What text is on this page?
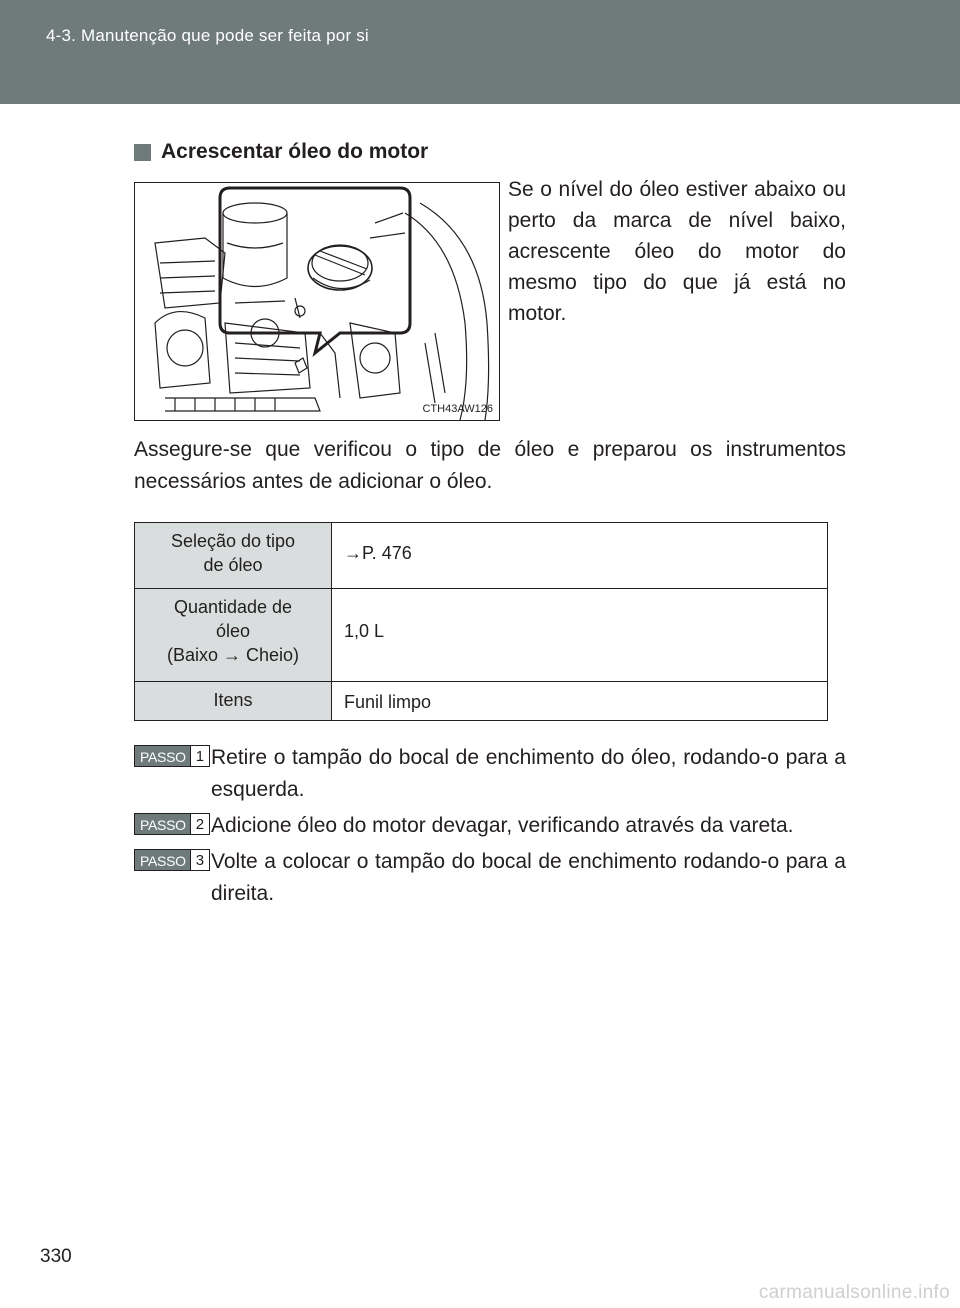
4-3. Manutenção que pode ser feita por si
Acrescentar óleo do motor
CTH43AW126
Se o nível do óleo estiver abaixo ou perto da marca de nível baixo, acrescente óleo do motor do mesmo tipo do que já está no motor.
Assegure-se que verificou o tipo de óleo e preparou os instrumentos necessários antes de adicionar o óleo.
Seleção do tipo
de óleo	→P. 476

Quantidade de
óleo
(Baixo → Cheio)	1,0 L

Itens	Funil limpo
PASSO 1 Retire o tampão do bocal de enchimento do óleo, rodando-o para a esquerda.
PASSO 2 Adicione óleo do motor devagar, verificando através da vareta.
PASSO 3 Volte a colocar o tampão do bocal de enchimento rodando-o para a direita.
330
carmanualsonline.info
